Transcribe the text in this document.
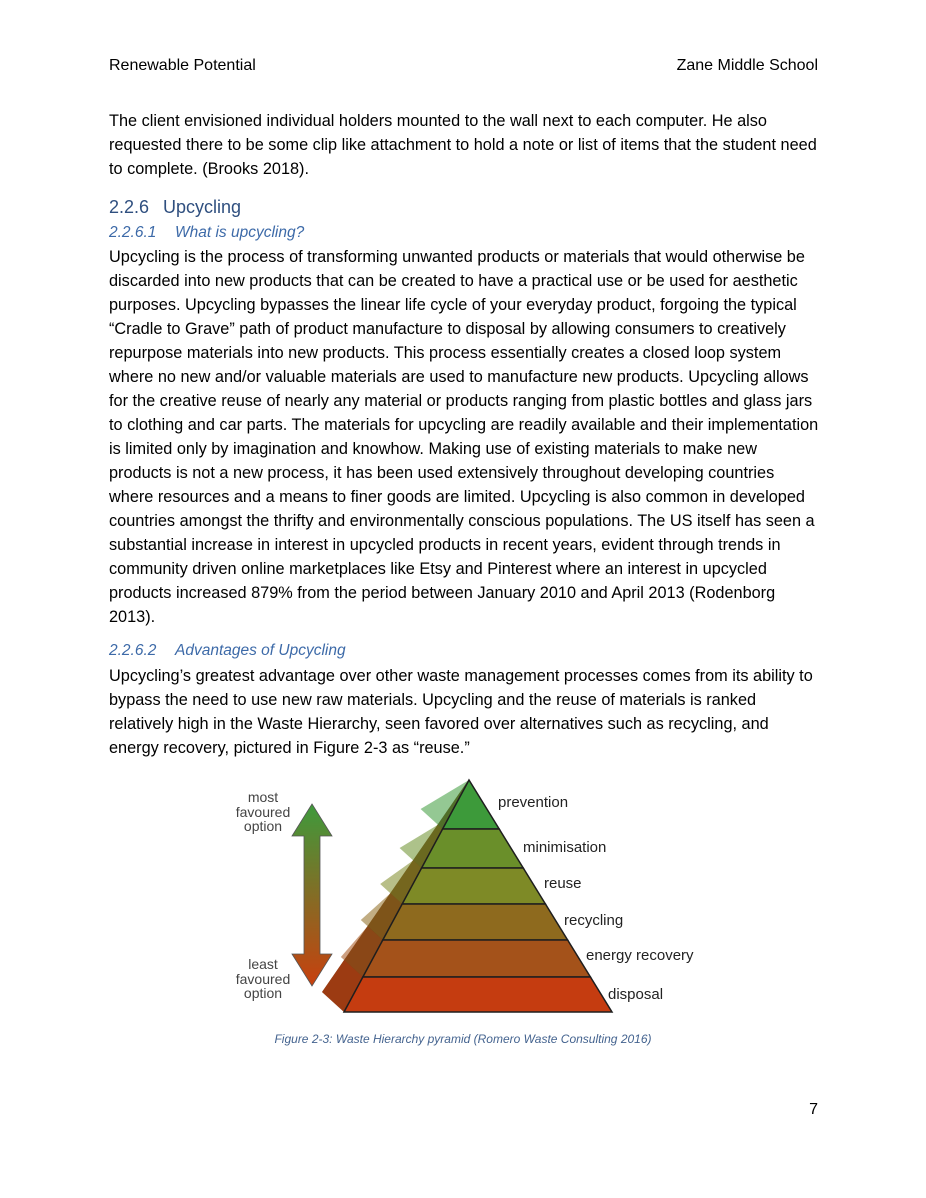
Renewable Potential	Zane Middle School

The client envisioned individual holders mounted to the wall next to each computer. He also requested there to be some clip like attachment to hold a note or list of items that the student need to complete. (Brooks 2018).

2.2.6 Upcycling
2.2.6.1 What is upcycling?

Upcycling is the process of transforming unwanted products or materials that would otherwise be discarded into new products that can be created to have a practical use or be used for aesthetic purposes. Upcycling bypasses the linear life cycle of your everyday product, forgoing the typical “Cradle to Grave” path of product manufacture to disposal by allowing consumers to creatively repurpose materials into new products. This process essentially creates a closed loop system where no new and/or valuable materials are used to manufacture new products. Upcycling allows for the creative reuse of nearly any material or products ranging from plastic bottles and glass jars to clothing and car parts. The materials for upcycling are readily available and their implementation is limited only by imagination and knowhow. Making use of existing materials to make new products is not a new process, it has been used extensively throughout developing countries where resources and a means to finer goods are limited. Upcycling is also common in developed countries amongst the thrifty and environmentally conscious populations. The US itself has seen a substantial increase in interest in upcycled products in recent years, evident through trends in community driven online marketplaces like Etsy and Pinterest where an interest in upcycled products increased 879% from the period between January 2010 and April 2013 (Rodenborg 2013).

2.2.6.2 Advantages of Upcycling

Upcycling’s greatest advantage over other waste management processes comes from its ability to bypass the need to use new raw materials. Upcycling and the reuse of materials is ranked relatively high in the Waste Hierarchy, seen favored over alternatives such as recycling, and energy recovery, pictured in Figure 2-3 as “reuse.”

most
favoured
option
least
favoured
option
prevention
minimisation
reuse
recycling
energy recovery
disposal
Figure 2-3: Waste Hierarchy pyramid (Romero Waste Consulting 2016)
7
